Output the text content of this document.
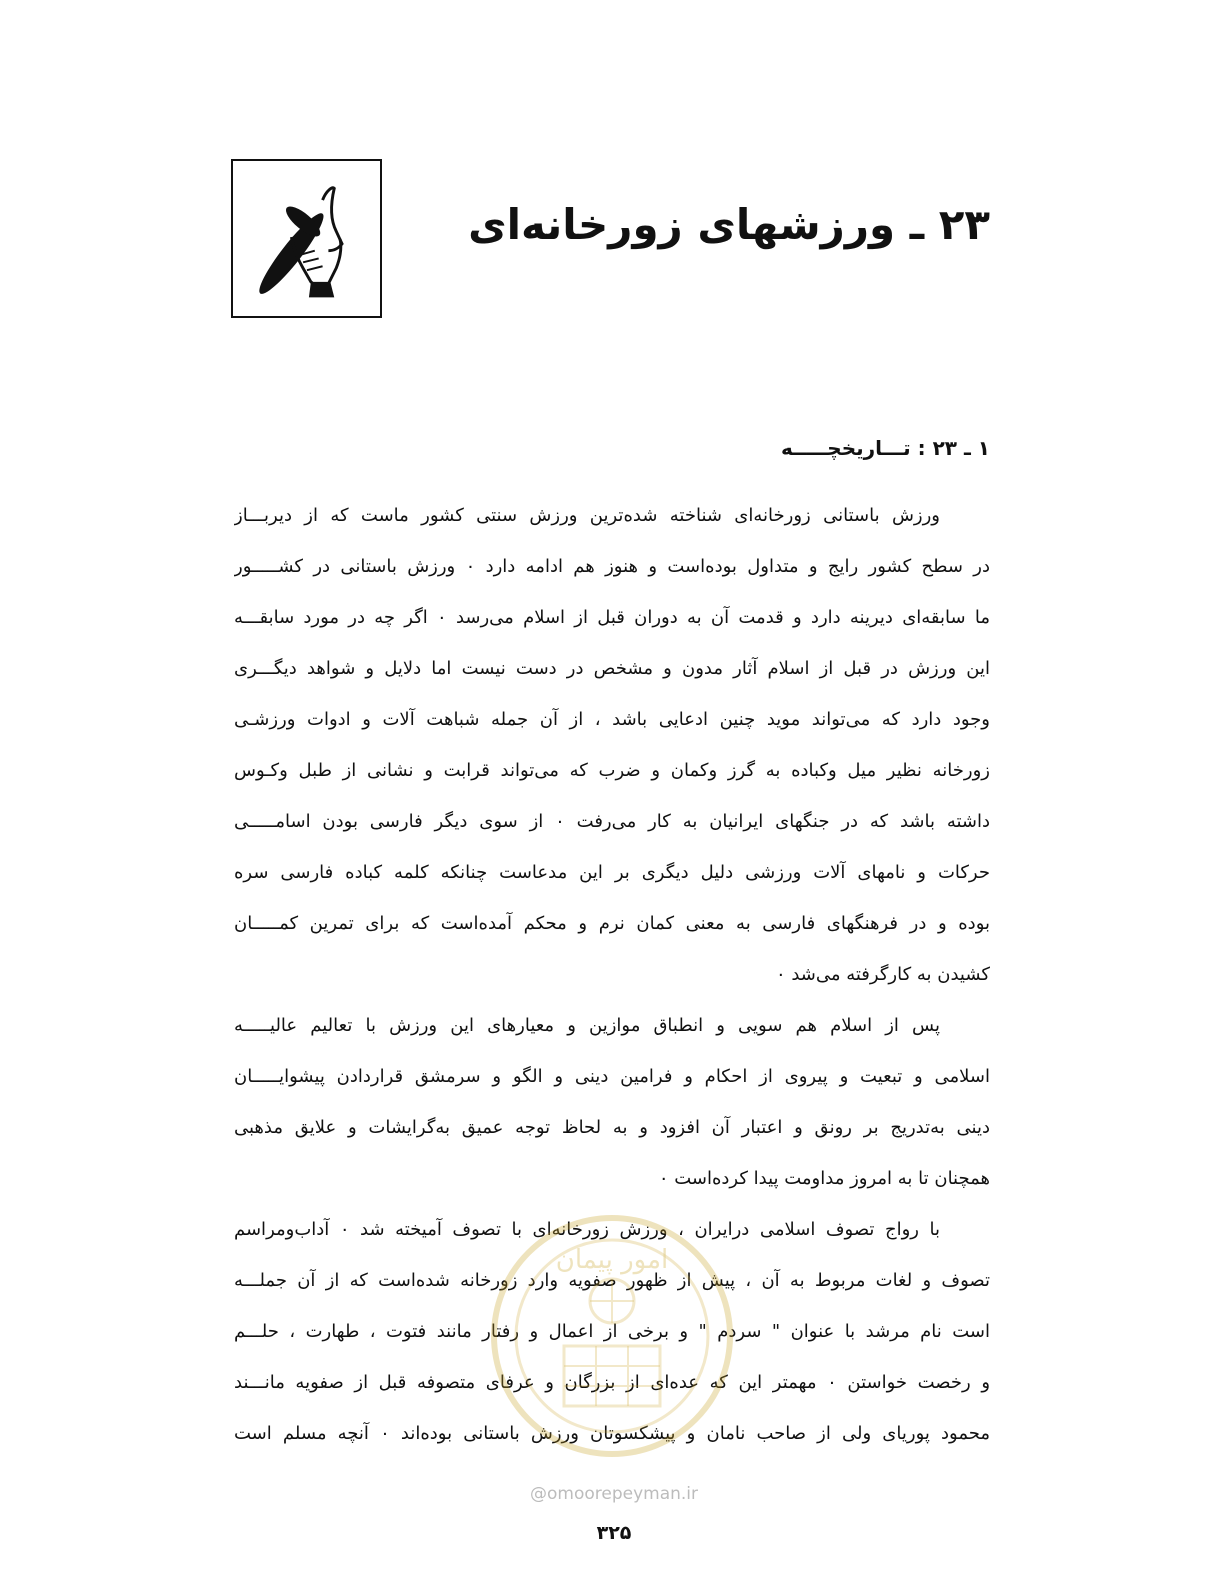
۲۳ ـ ورزشهای زورخانه‌ای
۱ ـ ۲۳ : تـــاریخچـــــه
ورزش باستانی زورخانه‌ای شناخته شده‌ترین ورزش سنتی کشور ماست که از دیربـــاز
در سطح کشور رایج و متداول بوده‌است و هنوز هم ادامه دارد ۰ ورزش باستانی در کشـــــور
ما سابقه‌ای دیرینه دارد و قدمت آن به دوران قبل از اسلام می‌رسد ۰ اگر چه در مورد سابقـــه
این ورزش در قبل از اسلام آثار مدون و مشخص در دست نیست اما دلایل و شواهد دیگـــری
وجود دارد که می‌تواند موید چنین ادعایی باشد ، از آن جمله شباهت آلات و ادوات ورزشـی
زورخانه نظیر میل وکباده به گرز وکمان و ضرب که می‌تواند قرابت و نشانی از طبل وکـوس
داشته باشد که در جنگهای ایرانیان به کار می‌رفت ۰ از سوی دیگر فارسی بودن اسامـــــی
حرکات و نامهای آلات ورزشی دلیل دیگری بر این مدعاست چنانکه کلمه کباده فارسی سره
بوده و در فرهنگهای فارسی به معنی کمان نرم و محکم آمده‌است که برای تمرین کمـــــان
کشیدن به کارگرفته می‌شد ۰
پس از اسلام هم سویی و انطباق موازین و معیارهای این ورزش با تعالیم عالیـــــه
اسلامی و تبعیت و پیروی از احکام و فرامین دینی و الگو و سرمشق قراردادن پیشوایـــــان
دینی به‌تدریج بر رونق و اعتبار آن افزود و به لحاظ توجه عمیق به‌گرایشات و علایق مذهبی
همچنان تا به امروز مداومت پیدا کرده‌است ۰
با رواج تصوف اسلامی درایران ، ورزش زورخانه‌ای با تصوف آمیخته شد ۰ آداب‌ومراسم
تصوف و لغات مربوط به آن ، پیش از ظهور صفویه وارد زورخانه شده‌است که از آن جملـــه
است نام مرشد با عنوان " سردم " و برخی از اعمال و رفتار مانند فتوت ، طهارت ، حلـــم
و رخصت خواستن ۰ مهمتر این که عده‌ای از بزرگان و عرفای متصوفه قبل از صفویه مانـــند
محمود پوریای ولی از صاحب نامان و پیشکسوتان ورزش باستانی بوده‌اند ۰ آنچه مسلم است
امور پیمان
@omoorepeyman.ir
۳۲۵
